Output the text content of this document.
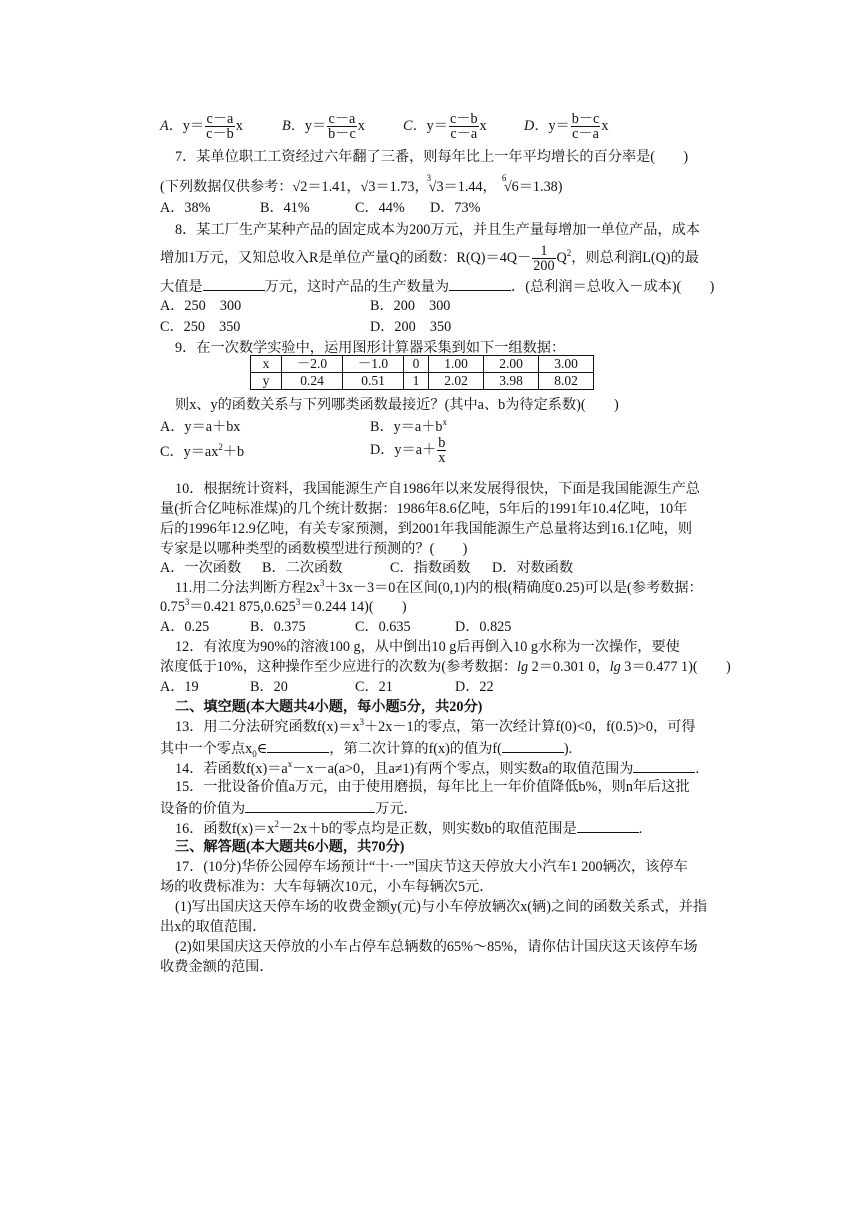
A．$y= \frac{c-a}{c-b}$ x	B．$y= \frac{c-a}{b-c}$ x	C．$y= \frac{c-b}{c-a}$ x	D．$y= \frac{b-c}{c-a}$ x
7．某单位职工工资经过六年翻了三番，则每年比上一年平均增长的百分率是(　　)
(下列数据仅供参考：√2＝1.41，√3＝1.73，
3
√3＝1.44，
6
√6＝1.38)
A．38%	B．41%	C．44% D．73%
8．某工厂生产某种产品的固定成本为200万元，并且生产量每增加一单位产品，成本
增加1万元，又知总收入R是单位产量Q的函数：$R(Q)=4Q- \frac{1}{200} Q^2$，则总利润L(Q)的最
大值是	万元，这时产品的生产数量为	．(总利润＝总收入－成本)(　　)
A．250　300	B．200　300
C．250　350	D．200　350
9．在一次数学实验中，运用图形计算器采集到如下一组数据：
x	－2.0	－1.0	0	1.00	2.00	3.00
y	0.24	0.51	1	2.02	3.98	8.02
则x、y的函数关系与下列哪类函数最接近？(其中a、b为待定系数)(　　)
A．y＝a＋bx	B．$y=a+b^x$
C．$y=ax^2+b$	D．$y=a+ \frac{b}{x}$
10．根据统计资料，我国能源生产自1986年以来发展得很快，下面是我国能源生产总
量(折合亿吨标准煤)的几个统计数据：1986年8.6亿吨，5年后的1991年10.4亿吨，10年
后的1996年12.9亿吨，有关专家预测，到2001年我国能源生产总量将达到16.1亿吨，则
专家是以哪种类型的函数模型进行预测的？(　　)
A．一次函数 B．二次函数	C．指数函数 D．对数函数
11.用二分法判断方程$2x^3+3x-3=0$在区间(0,1)内的根(精确度0.25)可以是(参考数据：
$0.75^3=0.421$ $875,0.625^3=0.244$ 14)(　　)
A．0.25	B．0.375	C．0.635	D．0.825
12．有浓度为90%的溶液100 g，从中倒出10 g后再倒入10 g水称为一次操作，要使
浓度低于10%，这种操作至少应进行的次数为(参考数据：lg 2＝0.301 0，lg 3＝0.477 1)(　　)
A．19	B．20	C．21	D．22
二、填空题(本大题共4小题，每小题5分，共20分)
13．用二分法研究函数$f(x)=x^3+2x-1$的零点，第一次经计算f(0)<0，f(0.5)>0，可得
其中一个零点$x_0\in$	，第二次计算的f(x)的值为f(	).
14．若函数$f(x)=a^x-x-a(a>0$，且a≠1)有两个零点，则实数a的取值范围为	.
15．一批设备价值a万元，由于使用磨损，每年比上一年价值降低b%，则n年后这批
设备的价值为	万元．
16．函数$f(x)=x^2-2x+b$的零点均是正数，则实数b的取值范围是	.
三、解答题(本大题共6小题，共70分)
17．(10分)华侨公园停车场预计“十·一”国庆节这天停放大小汽车1 200辆次，该停车
场的收费标准为：大车每辆次10元，小车每辆次5元．
(1)写出国庆这天停车场的收费金额y(元)与小车停放辆次x(辆)之间的函数关系式，并指
出x的取值范围．
(2)如果国庆这天停放的小车占停车总辆数的65%～85%，请你估计国庆这天该停车场
收费金额的范围．
